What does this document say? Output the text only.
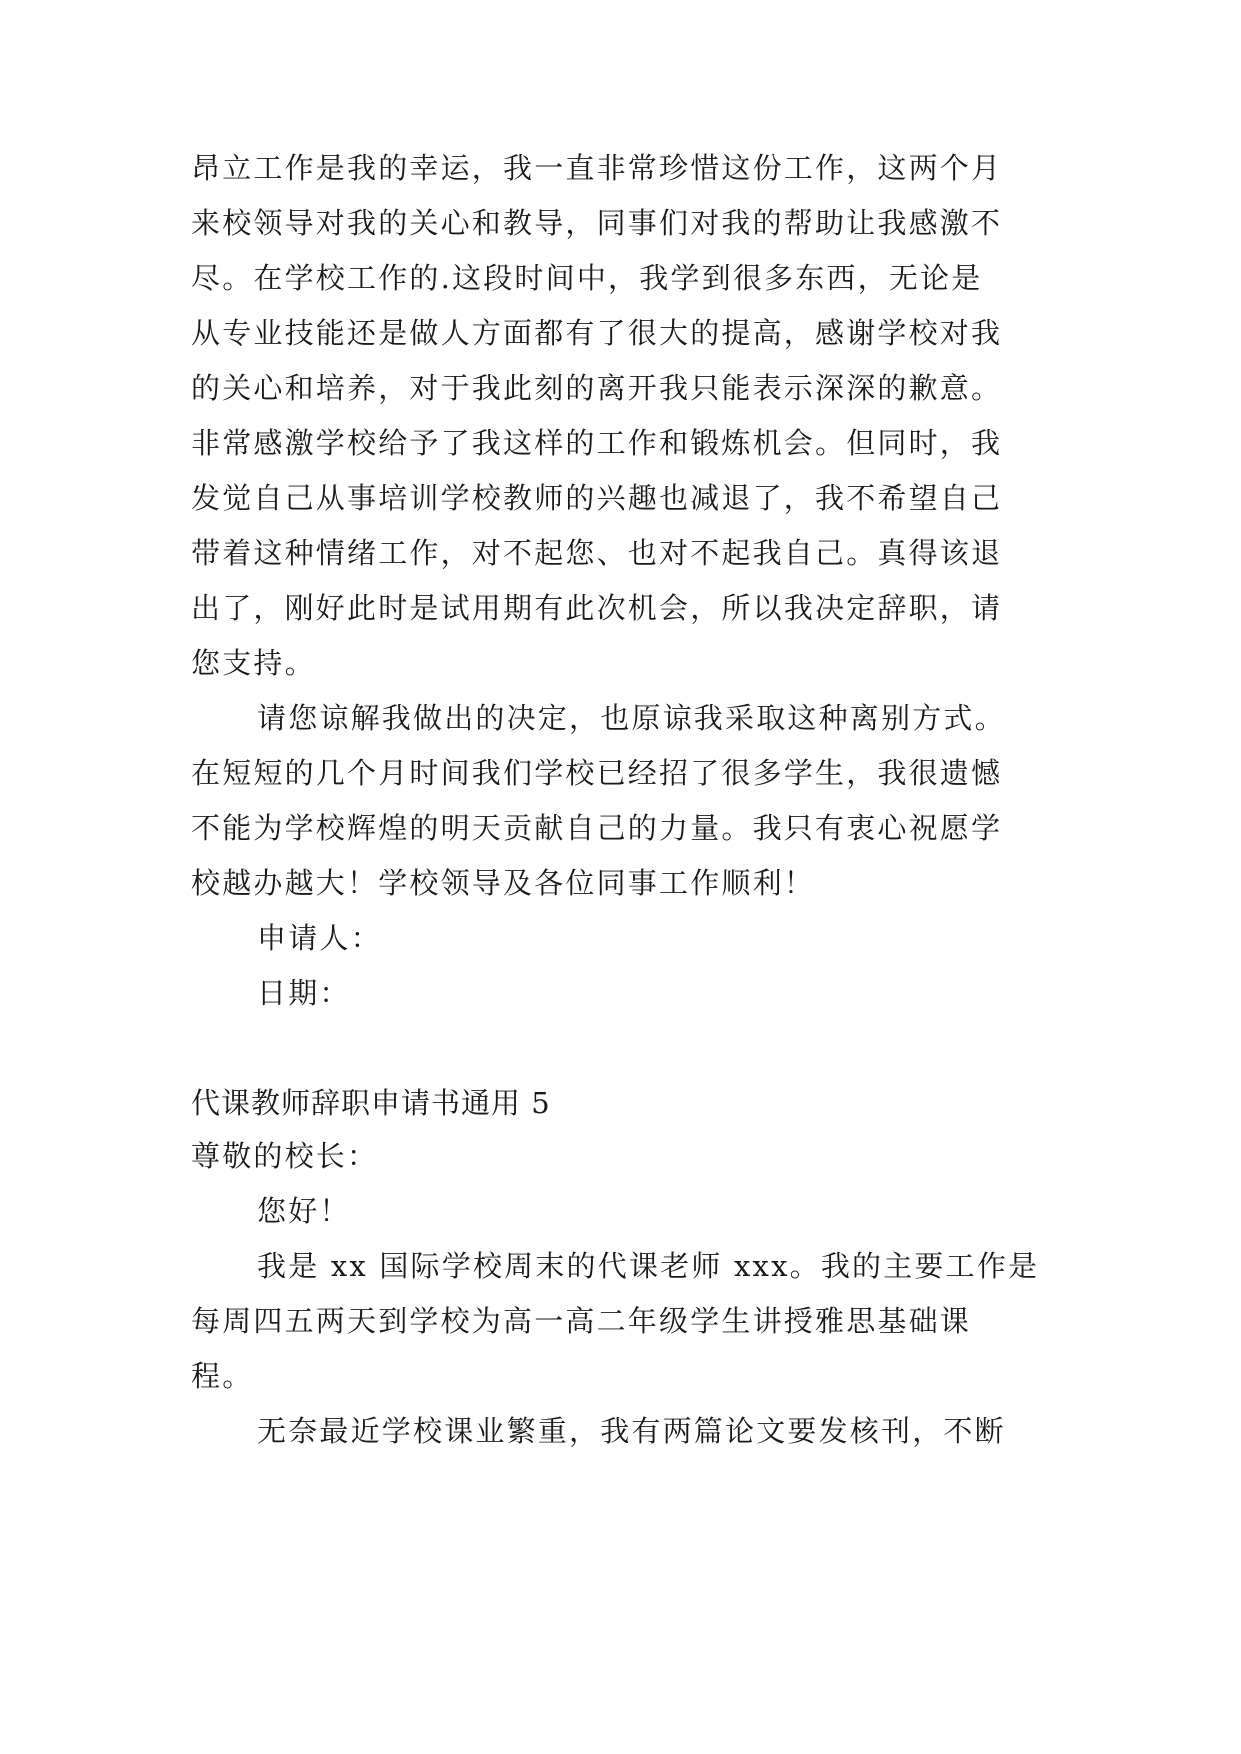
昂立工作是我的幸运，我一直非常珍惜这份工作，这两个月
来校领导对我的关心和教导，同事们对我的帮助让我感激不
尽。在学校工作的.这段时间中，我学到很多东西，无论是
从专业技能还是做人方面都有了很大的提高，感谢学校对我
的关心和培养，对于我此刻的离开我只能表示深深的歉意。
非常感激学校给予了我这样的工作和锻炼机会。但同时，我
发觉自己从事培训学校教师的兴趣也减退了，我不希望自己
带着这种情绪工作，对不起您、也对不起我自己。真得该退
出了，刚好此时是试用期有此次机会，所以我决定辞职，请
您支持。
请您谅解我做出的决定，也原谅我采取这种离别方式。
在短短的几个月时间我们学校已经招了很多学生，我很遗憾
不能为学校辉煌的明天贡献自己的力量。我只有衷心祝愿学
校越办越大！学校领导及各位同事工作顺利！
申请人：
日期：
代课教师辞职申请书通用 5
尊敬的校长：
您好！
我是 xx 国际学校周末的代课老师 xxx。我的主要工作是
每周四五两天到学校为高一高二年级学生讲授雅思基础课
程。
无奈最近学校课业繁重，我有两篇论文要发核刊，不断
